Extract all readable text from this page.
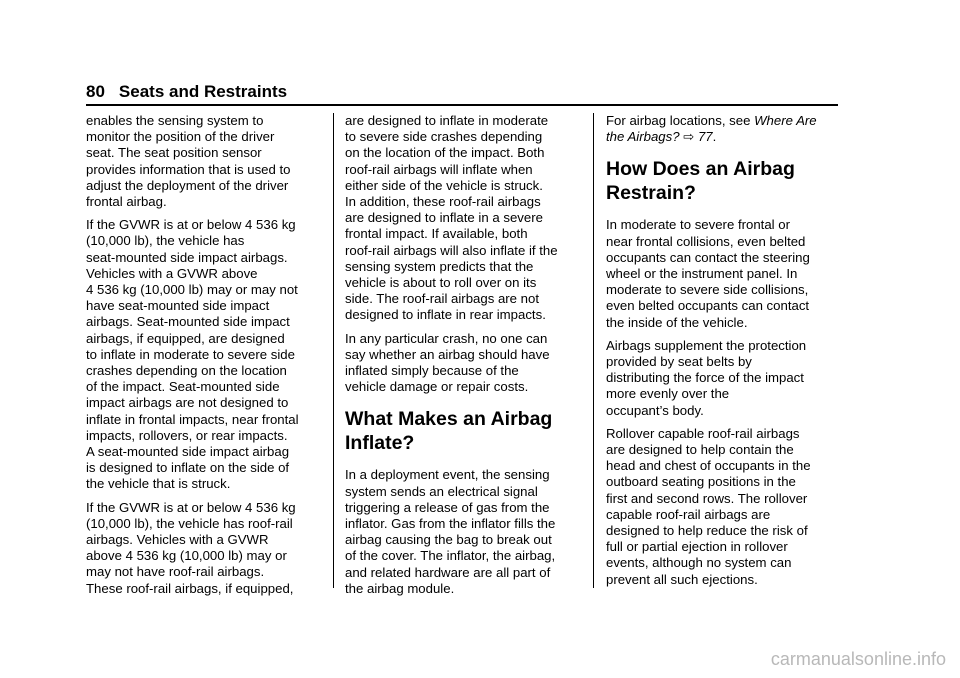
80 Seats and Restraints

enables the sensing system to
monitor the position of the driver
seat. The seat position sensor
provides information that is used to
adjust the deployment of the driver
frontal airbag.

If the GVWR is at or below 4 536 kg
(10,000 lb), the vehicle has
seat-mounted side impact airbags.
Vehicles with a GVWR above
4 536 kg (10,000 lb) may or may not
have seat-mounted side impact
airbags. Seat-mounted side impact
airbags, if equipped, are designed
to inflate in moderate to severe side
crashes depending on the location
of the impact. Seat-mounted side
impact airbags are not designed to
inflate in frontal impacts, near frontal
impacts, rollovers, or rear impacts.
A seat-mounted side impact airbag
is designed to inflate on the side of
the vehicle that is struck.

If the GVWR is at or below 4 536 kg
(10,000 lb), the vehicle has roof-rail
airbags. Vehicles with a GVWR
above 4 536 kg (10,000 lb) may or
may not have roof-rail airbags.
These roof-rail airbags, if equipped,

are designed to inflate in moderate
to severe side crashes depending
on the location of the impact. Both
roof-rail airbags will inflate when
either side of the vehicle is struck.
In addition, these roof-rail airbags
are designed to inflate in a severe
frontal impact. If available, both
roof-rail airbags will also inflate if the
sensing system predicts that the
vehicle is about to roll over on its
side. The roof-rail airbags are not
designed to inflate in rear impacts.

In any particular crash, no one can
say whether an airbag should have
inflated simply because of the
vehicle damage or repair costs.

What Makes an Airbag
Inflate?

In a deployment event, the sensing
system sends an electrical signal
triggering a release of gas from the
inflator. Gas from the inflator fills the
airbag causing the bag to break out
of the cover. The inflator, the airbag,
and related hardware are all part of
the airbag module.

For airbag locations, see Where Are
the Airbags? ⇨ 77.

How Does an Airbag
Restrain?

In moderate to severe frontal or
near frontal collisions, even belted
occupants can contact the steering
wheel or the instrument panel. In
moderate to severe side collisions,
even belted occupants can contact
the inside of the vehicle.

Airbags supplement the protection
provided by seat belts by
distributing the force of the impact
more evenly over the
occupant’s body.

Rollover capable roof-rail airbags
are designed to help contain the
head and chest of occupants in the
outboard seating positions in the
first and second rows. The rollover
capable roof-rail airbags are
designed to help reduce the risk of
full or partial ejection in rollover
events, although no system can
prevent all such ejections.

carmanualsonline.info
